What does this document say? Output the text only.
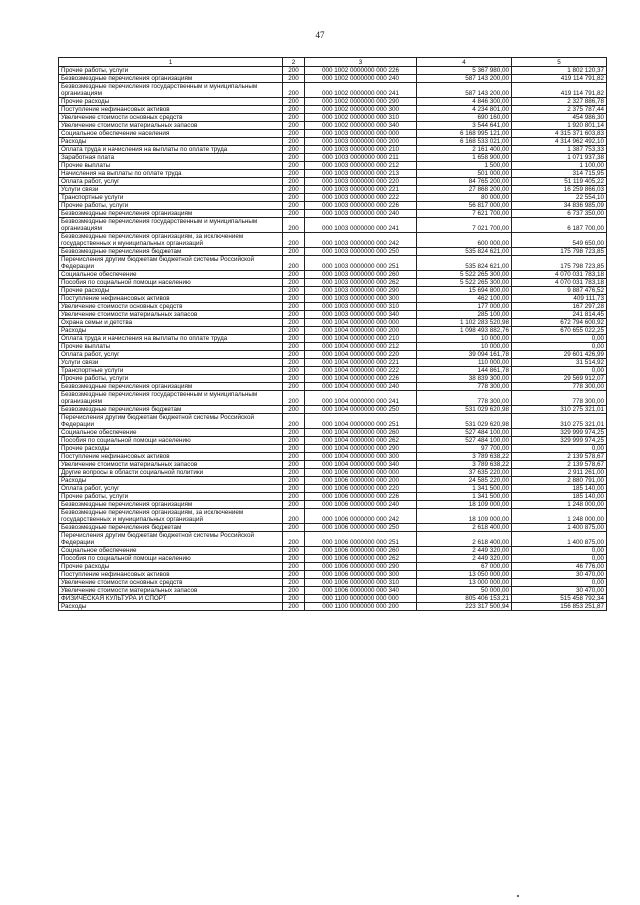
47
1	2	3	4	5
Прочие работы, услуги	200	000 1002 0000000 000 226	5 367 980,00	1 802 120,37
Безвозмездные перечисления организациям	200	000 1002 0000000 000 240	587 143 200,00	419 114 791,82
Безвозмездные перечисления государственным и муниципальным организациям	200	000 1002 0000000 000 241	587 143 200,00	419 114 791,82
Прочие расходы	200	000 1002 0000000 000 290	4 846 300,00	2 327 886,78
Поступление нефинансовых активов	200	000 1002 0000000 000 300	4 234 801,00	2 375 787,44
Увеличение стоимости основных средств	200	000 1002 0000000 000 310	690 160,00	454 986,30
Увеличение стоимости материальных запасов	200	000 1002 0000000 000 340	3 544 641,00	1 920 801,14
Социальное обеспечение населения	200	000 1003 0000000 000 000	6 168 995 121,00	4 315 371 603,83
Расходы	200	000 1003 0000000 000 200	6 168 533 021,00	4 314 962 492,10
Оплата труда и начисления на выплаты по оплате труда	200	000 1003 0000000 000 210	2 161 400,00	1 387 753,33
Заработная плата	200	000 1003 0000000 000 211	1 658 900,00	1 071 937,38
Прочие выплаты	200	000 1003 0000000 000 212	1 500,00	1 100,00
Начисления на выплаты по оплате труда	200	000 1003 0000000 000 213	501 000,00	314 715,95
Оплата работ, услуг	200	000 1003 0000000 000 220	84 765 200,00	51 119 405,22
Услуги связи	200	000 1003 0000000 000 221	27 868 200,00	16 259 866,03
Транспортные услуги	200	000 1003 0000000 000 222	80 000,00	22 554,10
Прочие работы, услуги	200	000 1003 0000000 000 226	56 817 000,00	34 836 985,09
Безвозмездные перечисления организациям	200	000 1003 0000000 000 240	7 621 700,00	6 737 350,00
Безвозмездные перечисления государственным и муниципальным организациям	200	000 1003 0000000 000 241	7 021 700,00	6 187 700,00
Безвозмездные перечисления организациям, за исключением государственных и муниципальных организаций	200	000 1003 0000000 000 242	600 000,00	549 650,00
Безвозмездные перечисления бюджетам	200	000 1003 0000000 000 250	535 824 621,00	175 798 723,85
Перечисления другим бюджетам бюджетной системы Российской Федерации	200	000 1003 0000000 000 251	535 824 621,00	175 798 723,85
Социальное обеспечение	200	000 1003 0000000 000 260	5 522 265 300,00	4 070 031 783,18
Пособия по социальной помощи населению	200	000 1003 0000000 000 262	5 522 265 300,00	4 070 031 783,18
Прочие расходы	200	000 1003 0000000 000 290	15 694 800,00	9 887 476,52
Поступление нефинансовых активов	200	000 1003 0000000 000 300	462 100,00	409 111,73
Увеличение стоимости основных средств	200	000 1003 0000000 000 310	177 000,00	167 297,28
Увеличение стоимости материальных запасов	200	000 1003 0000000 000 340	285 100,00	241 814,45
Охрана семьи и детства	200	000 1004 0000000 000 000	1 102 283 520,98	672 794 600,92
Расходы	200	000 1004 0000000 000 200	1 098 493 882,76	670 655 022,25
Оплата труда и начисления на выплаты по оплате труда	200	000 1004 0000000 000 210	10 000,00	0,00
Прочие выплаты	200	000 1004 0000000 000 212	10 000,00	0,00
Оплата работ, услуг	200	000 1004 0000000 000 220	39 094 161,78	29 601 426,99
Услуги связи	200	000 1004 0000000 000 221	110 000,00	31 514,92
Транспортные услуги	200	000 1004 0000000 000 222	144 861,78	0,00
Прочие работы, услуги	200	000 1004 0000000 000 226	38 839 300,00	29 569 912,07
Безвозмездные перечисления организациям	200	000 1004 0000000 000 240	778 300,00	778 300,00
Безвозмездные перечисления государственным и муниципальным организациям	200	000 1004 0000000 000 241	778 300,00	778 300,00
Безвозмездные перечисления бюджетам	200	000 1004 0000000 000 250	531 029 620,98	310 275 321,01
Перечисления другим бюджетам бюджетной системы Российской Федерации	200	000 1004 0000000 000 251	531 029 620,98	310 275 321,01
Социальное обеспечение	200	000 1004 0000000 000 260	527 484 100,00	329 999 974,25
Пособия по социальной помощи населению	200	000 1004 0000000 000 262	527 484 100,00	329 999 974,25
Прочие расходы	200	000 1004 0000000 000 290	97 700,00	0,00
Поступление нефинансовых активов	200	000 1004 0000000 000 300	3 789 638,22	2 139 578,67
Увеличение стоимости материальных запасов	200	000 1004 0000000 000 340	3 789 638,22	2 139 578,67
Другие вопросы в области социальной политики	200	000 1006 0000000 000 000	37 635 220,00	2 911 261,00
Расходы	200	000 1006 0000000 000 200	24 585 220,00	2 880 791,00
Оплата работ, услуг	200	000 1006 0000000 000 220	1 341 500,00	185 140,00
Прочие работы, услуги	200	000 1006 0000000 000 226	1 341 500,00	185 140,00
Безвозмездные перечисления организациям	200	000 1006 0000000 000 240	18 109 000,00	1 248 000,00
Безвозмездные перечисления организациям, за исключением государственных и муниципальных организаций	200	000 1006 0000000 000 242	18 109 000,00	1 248 000,00
Безвозмездные перечисления бюджетам	200	000 1006 0000000 000 250	2 618 400,00	1 400 875,00
Перечисления другим бюджетам бюджетной системы Российской Федерации	200	000 1006 0000000 000 251	2 618 400,00	1 400 875,00
Социальное обеспечение	200	000 1006 0000000 000 260	2 449 320,00	0,00
Пособия по социальной помощи населению	200	000 1006 0000000 000 262	2 449 320,00	0,00
Прочие расходы	200	000 1006 0000000 000 290	67 000,00	46 776,00
Поступление нефинансовых активов	200	000 1006 0000000 000 300	13 050 000,00	30 470,00
Увеличение стоимости основных средств	200	000 1006 0000000 000 310	13 000 000,00	0,00
Увеличение стоимости материальных запасов	200	000 1006 0000000 000 340	50 000,00	30 470,00
ФИЗИЧЕСКАЯ КУЛЬТУРА И СПОРТ	200	000 1100 0000000 000 000	805 406 153,21	515 458 792,34
Расходы	200	000 1100 0000000 000 200	223 317 500,94	156 853 251,87
